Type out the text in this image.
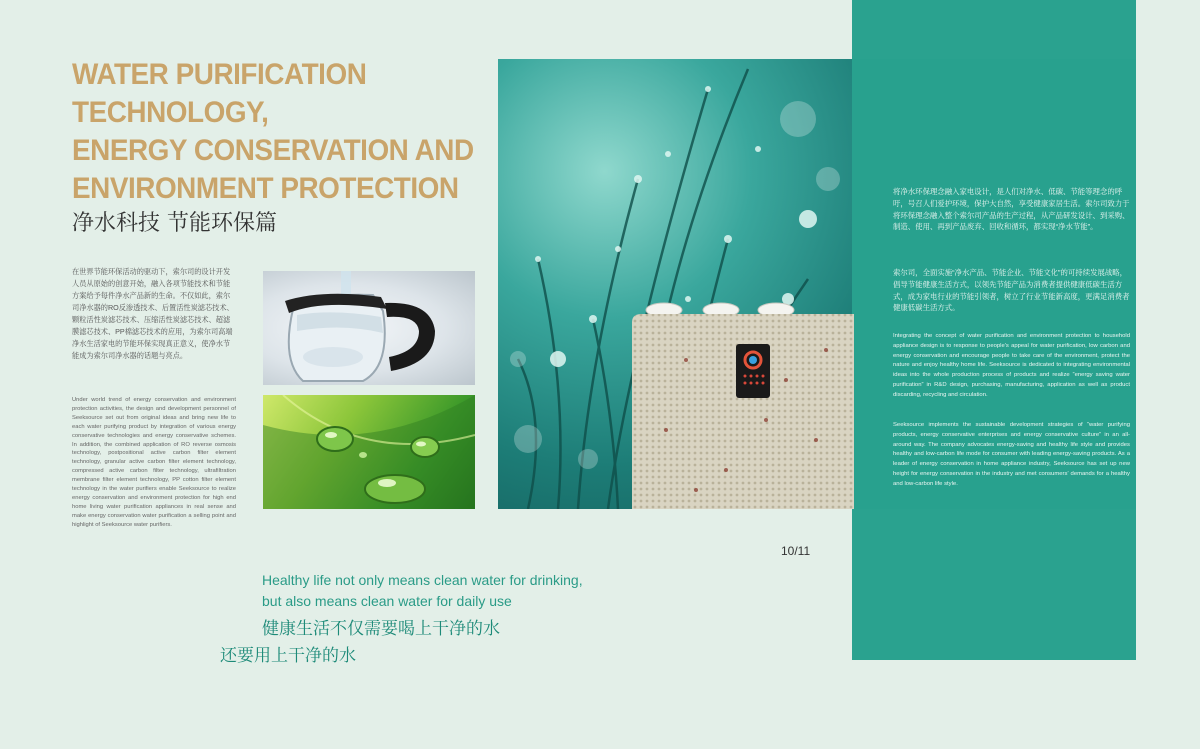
WATER PURIFICATION
TECHNOLOGY,
ENERGY CONSERVATION AND
ENVIRONMENT PROTECTION
净水科技 节能环保篇
在世界节能环保活动的驱动下，索尔司的设计开发人员从原始的创意开始，融入各项节能技术和节能方案给予每件净水产品新的生命。不仅如此，索尔司净水器的RO反渗透技术、后置活性炭滤芯技术、颗粒活性炭滤芯技术、压缩活性炭滤芯技术、超滤膜滤芯技术、PP棉滤芯技术的应用，为索尔司高端净水生活家电的节能环保实现真正意义，使净水节能成为索尔司净水器的话题与亮点。
Under world trend of energy conservation and environment protection activities, the design and development personnel of Seeksource set out from original ideas and bring new life to each water purifying product by integration of various energy conservative technologies and energy conservative schemes. In addition, the combined application of RO reverse osmosis technology, postpositional active carbon filter element technology, granular active carbon filter element technology, compressed active carbon filter technology, ultrafiltration membrane filter element technology, PP cotton filter element technology in the water purifiers enable Seeksource to realize energy conservation and environment protection for high end home living water purification appliances in real sense and make energy conservation water purification a selling point and highlight of Seeksource water purifiers.
将净水环保理念融入家电设计，是人们对净水、低碳、节能等理念的呼吁，号召人们爱护环境，保护大自然，享受健康家居生活。索尔司致力于将环保理念融入整个索尔司产品的生产过程，从产品研发设计、到采购、制造、使用、再到产品废弃、回收和循环，都实现“净水节能”。
索尔司，全面实施“净水产品、节能企业、节能文化”的可持续发展战略，倡导节能健康生活方式，以领先节能产品为消费者提供健康低碳生活方式，成为家电行业的节能引领者，树立了行业节能新高度，更满足消费者健康低碳生活方式。
Integrating the concept of water purification and environment protection to household appliance design is to response to people’s appeal for water purification, low carbon and energy conservation and encourage people to take care of the environment, protect the nature and enjoy healthy home life. Seeksource is dedicated to integrating environmental ideas into the whole production process of products and realize “energy saving water purification” in R&D design, purchasing, manufacturing, application as well as product discarding, recycling and circulation.
Seeksource implements the sustainable development strategies of “water purifying products, energy conservative enterprises and energy conservative culture” in an all-around way. The company advocates energy-saving and healthy life style and provides healthy and low-carbon life mode for consumer with leading energy-saving products. As a leader of energy conservation in home appliance industry, Seeksource has set up new height for energy conservation in the industry and met consumers’ demands for a healthy and low-carbon life style.
10/11
Healthy life not only means clean water for drinking,
but also means clean water for daily use
健康生活不仅需要喝上干净的水
还要用上干净的水
